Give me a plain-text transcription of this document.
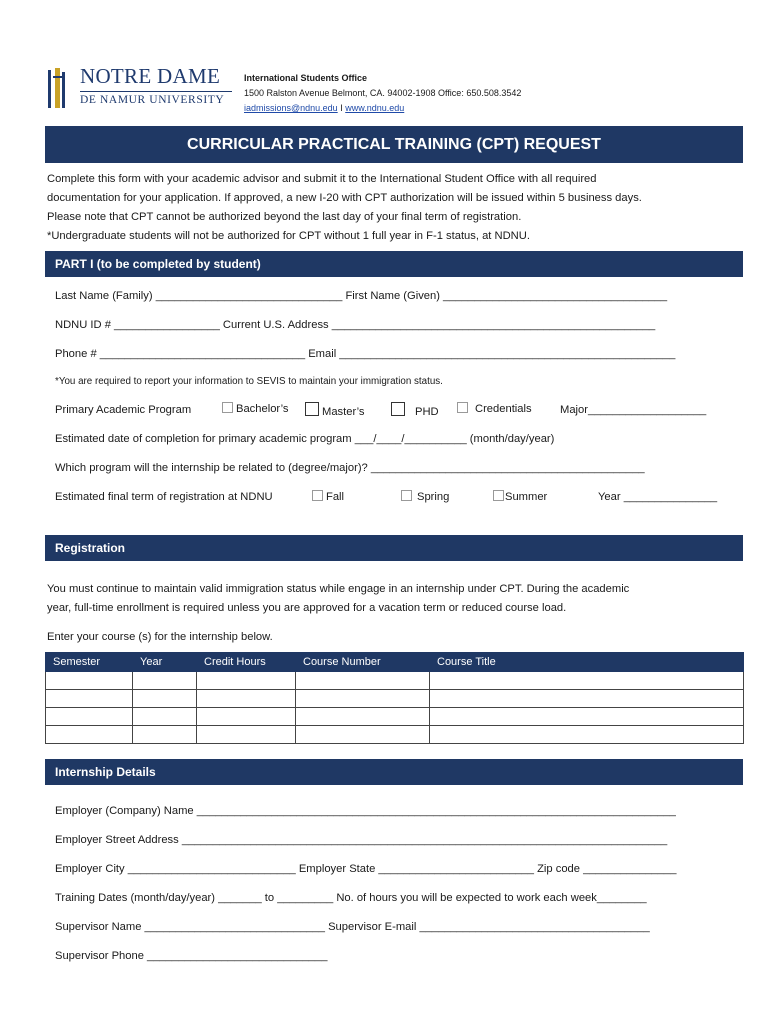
NOTRE DAME
DE NAMUR UNIVERSITY
International Students Office
1500 Ralston Avenue Belmont, CA. 94002-1908 Office: 650.508.3542
iadmissions@ndnu.edu I www.ndnu.edu
CURRICULAR PRACTICAL TRAINING (CPT) REQUEST
Complete this form with your academic advisor and submit it to the International Student Office with all required
documentation for your application. If approved, a new I-20 with CPT authorization will be issued within 5 business days.
Please note that CPT cannot be authorized beyond the last day of your final term of registration.
*Undergraduate students will not be authorized for CPT without 1 full year in F-1 status, at NDNU.
PART I (to be completed by student)
Last Name (Family) ______________________________ First Name (Given) ____________________________________
NDNU ID # _________________ Current U.S. Address ____________________________________________________
Phone # _________________________________ Email ______________________________________________________
*You are required to report your information to SEVIS to maintain your immigration status.
Primary Academic Program	Bachelor’s	Master’s	PHD	Credentials	Major___________________
Estimated date of completion for primary academic program ___/____/__________ (month/day/year)
Which program will the internship be related to (degree/major)? ____________________________________________
Estimated final term of registration at NDNU	Fall	Spring	Summer	Year _______________
Registration
You must continue to maintain valid immigration status while engage in an internship under CPT. During the academic
year, full-time enrollment is required unless you are approved for a vacation term or reduced course load.
Enter your course (s) for the internship below.
Semester	Year	Credit Hours	Course Number	Course Title

Internship Details
Employer (Company) Name _____________________________________________________________________________
Employer Street Address ______________________________________________________________________________
Employer City ___________________________ Employer State _________________________ Zip code _______________
Training Dates (month/day/year) _______ to _________ No. of hours you will be expected to work each week________
Supervisor Name _____________________________ Supervisor E-mail _____________________________________
Supervisor Phone _____________________________
